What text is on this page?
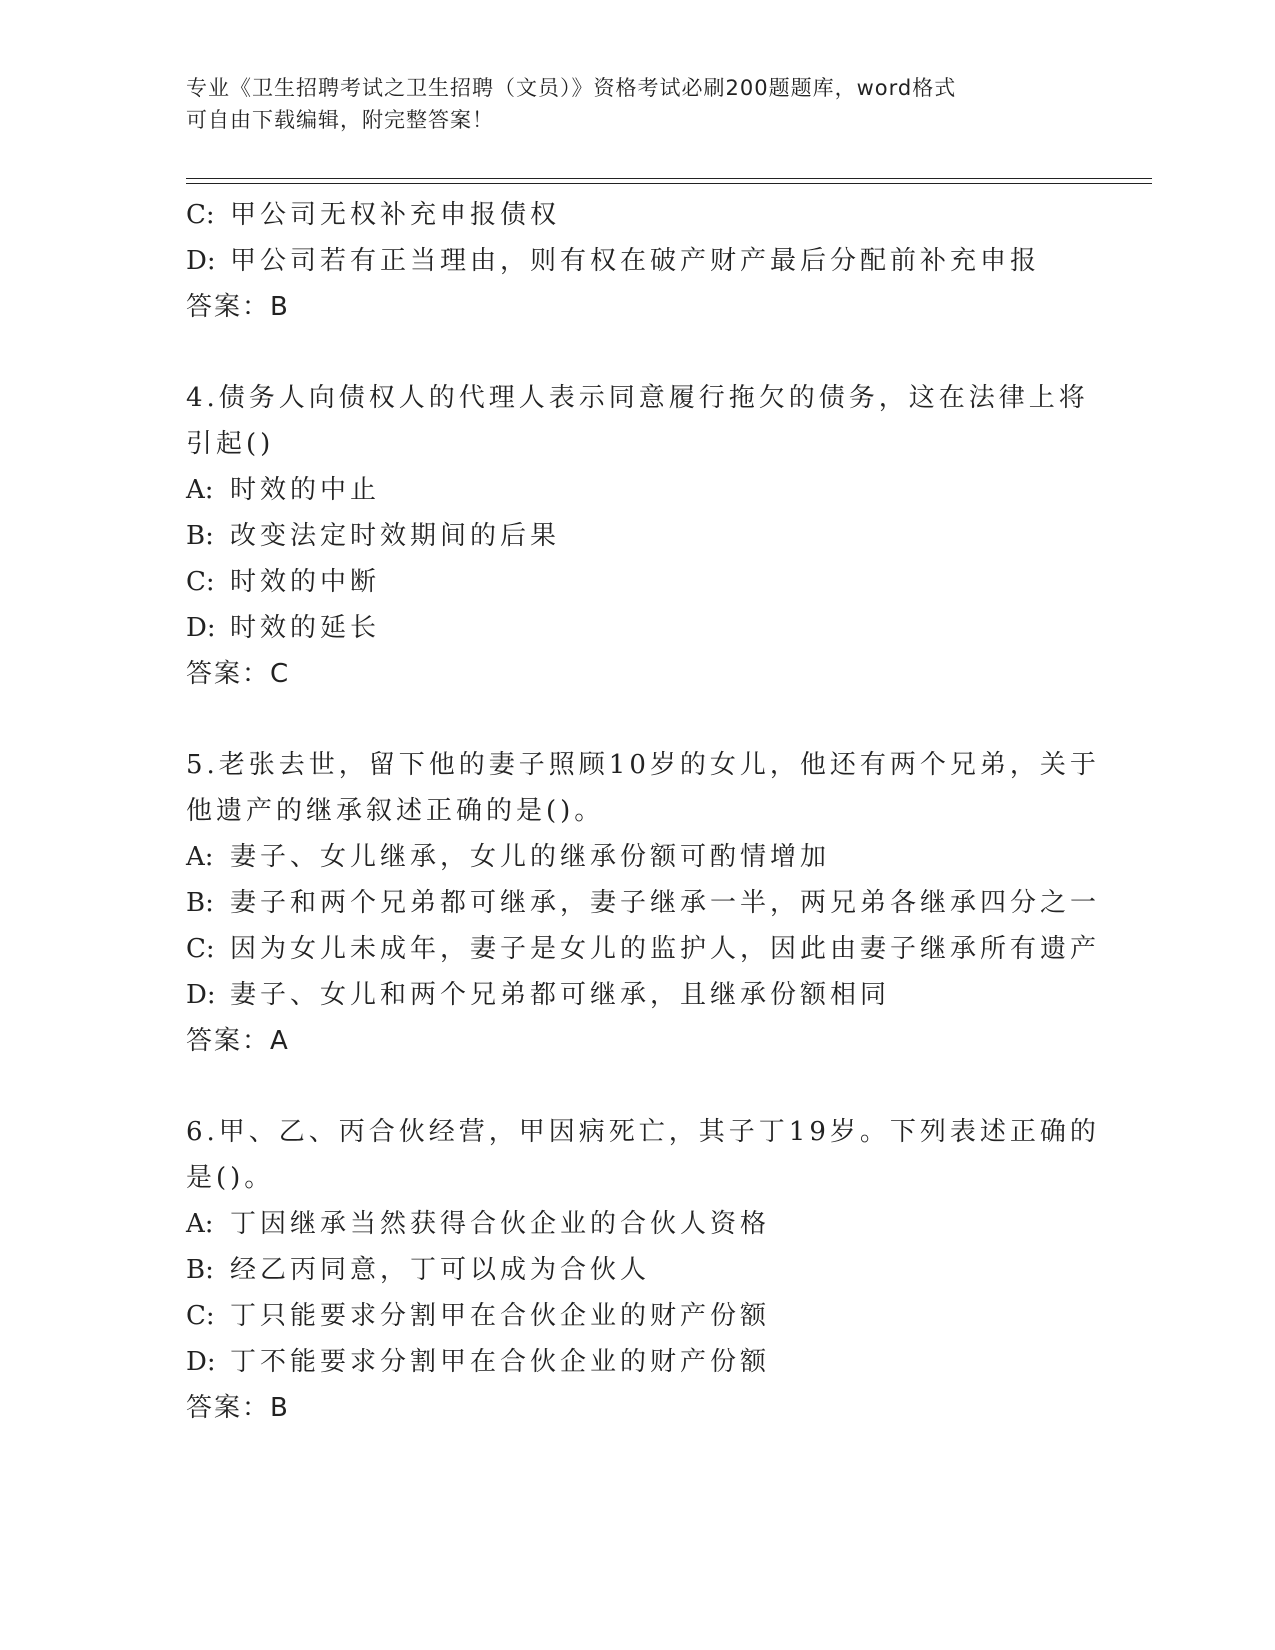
专业《卫生招聘考试之卫生招聘（文员）》资格考试必刷200题题库，word格式
可自由下载编辑，附完整答案！
C: 甲公司无权补充申报债权
D: 甲公司若有正当理由，则有权在破产财产最后分配前补充申报
答案：B
4.债务人向债权人的代理人表示同意履行拖欠的债务，这在法律上将
引起()
A: 时效的中止
B: 改变法定时效期间的后果
C: 时效的中断
D: 时效的延长
答案：C
5.老张去世，留下他的妻子照顾10岁的女儿，他还有两个兄弟，关于
他遗产的继承叙述正确的是()。
A: 妻子、女儿继承，女儿的继承份额可酌情增加
B: 妻子和两个兄弟都可继承，妻子继承一半，两兄弟各继承四分之一
C: 因为女儿未成年，妻子是女儿的监护人，因此由妻子继承所有遗产
D: 妻子、女儿和两个兄弟都可继承，且继承份额相同
答案：A
6.甲、乙、丙合伙经营，甲因病死亡，其子丁19岁。下列表述正确的
是()。
A: 丁因继承当然获得合伙企业的合伙人资格
B: 经乙丙同意，丁可以成为合伙人
C: 丁只能要求分割甲在合伙企业的财产份额
D: 丁不能要求分割甲在合伙企业的财产份额
答案：B
